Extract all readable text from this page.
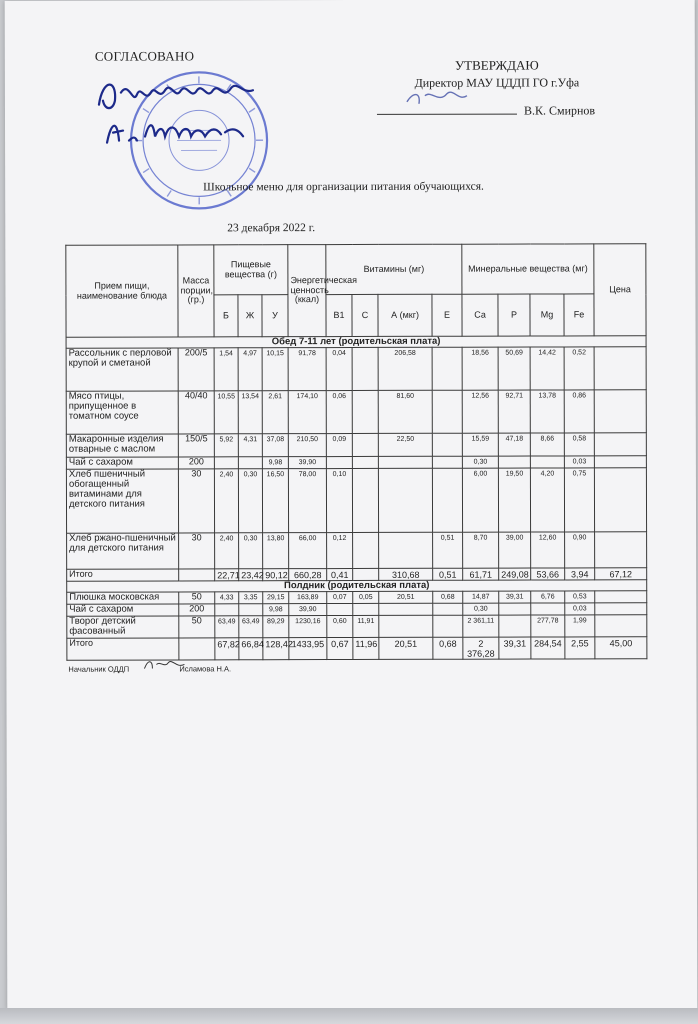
СОГЛАСОВАНО
УТВЕРЖДАЮ
Директор МАУ ЦДДП ГО г.Уфа
В.К. Смирнов
Школьное меню для организации питания обучающихся.
23 декабря 2022 г.
Прием пищи, наименование блюда	Масса порции, (гр.)	Пищевые вещества (г)			Энергетическая ценность (ккал)	Витамины (мг)				Минеральные вещества (мг)				Цена
		Б	Ж	У		В1	С	А (мкг)	Е	Са	Р	Mg	Fe	
Обед 7-11 лет (родительская плата)														
Рассольник с перловой крупой и сметаной	200/5	1,54	4,97	10,15	91,78	0,04		206,58		18,56	50,69	14,42	0,52	
Мясо птицы, припущенное в томатном соусе	40/40	10,55	13,54	2,61	174,10	0,06		81,60		12,56	92,71	13,78	0,86	
Макаронные изделия отварные с маслом	150/5	5,92	4,31	37,08	210,50	0,09		22,50		15,59	47,18	8,66	0,58	
Чай с сахаром	200			9,98	39,90					0,30			0,03	
Хлеб пшеничный обогащенный витаминами для детского питания	30	2,40	0,30	16,50	78,00	0,10				6,00	19,50	4,20	0,75	
Хлеб ржано-пшеничный для детского питания	30	2,40	0,30	13,80	66,00	0,12			0,51	8,70	39,00	12,60	0,90	
Итого		22,71	23,42	90,12	660,28	0,41		310,68	0,51	61,71	249,08	53,66	3,94	67,12
Полдник (родительская плата)														
Плюшка московская	50	4,33	3,35	29,15	163,89	0,07	0,05	20,51	0,68	14,87	39,31	6,76	0,53	
Чай с сахаром	200			9,98	39,90					0,30			0,03	
Творог детский фасованный	50	63,49	63,49	89,29	1230,16	0,60	11,91			2 361,11		277,78	1,99	
Итого		67,82	66,84	128,42	1433,95	0,67	11,96	20,51	0,68	2 376,28	39,31	284,54	2,55	45,00
Начальник ОДДП	Исламова Н.А.
